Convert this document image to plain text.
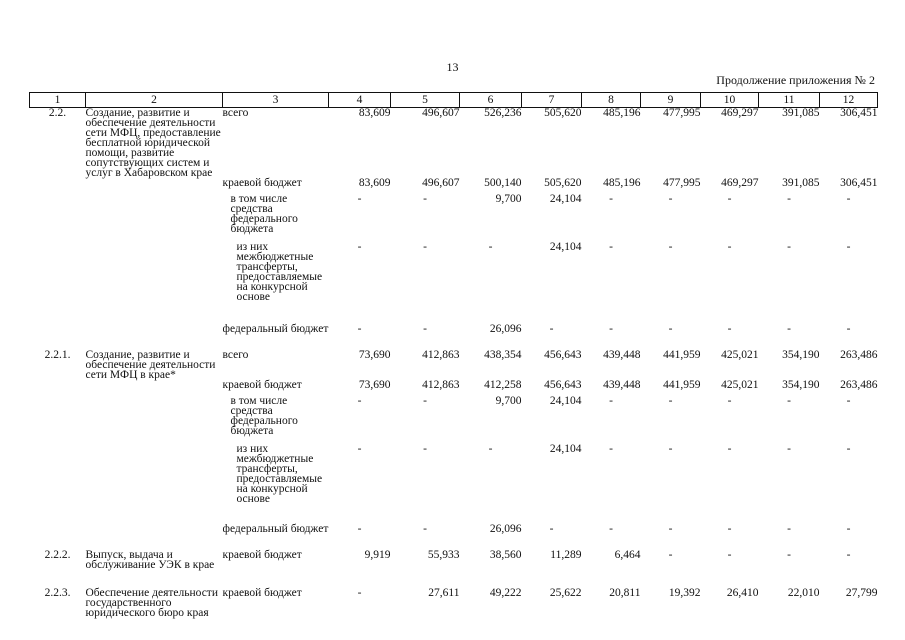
13
Продолжение приложения № 2
1	2	3	4	5	6	7	8	9	10	11	12
2.2.	Создание, развитие и обеспечение деятельности сети МФЦ, предоставление бесплатной юридической помощи, развитие сопутствующих систем и услуг в Хабаровском крае	всего	83,609	496,607	526,236	505,620	485,196	477,995	469,297	391,085	306,451
		краевой бюджет	83,609	496,607	500,140	505,620	485,196	477,995	469,297	391,085	306,451
		в том числе средства федерального бюджета	-	-	9,700	24,104	-	-	-	-	-
		из них межбюджетные трансферты, предоставляемые на конкурсной основе	-	-	-	24,104	-	-	-	-	-
		федеральный бюджет	-	-	26,096	-	-	-	-	-	-
2.2.1.	Создание, развитие и обеспечение деятельности сети МФЦ в крае*	всего	73,690	412,863	438,354	456,643	439,448	441,959	425,021	354,190	263,486
		краевой бюджет	73,690	412,863	412,258	456,643	439,448	441,959	425,021	354,190	263,486
		в том числе средства федерального бюджета	-	-	9,700	24,104	-	-	-	-	-
		из них межбюджетные трансферты, предоставляемые на конкурсной основе	-	-	-	24,104	-	-	-	-	-
		федеральный бюджет	-	-	26,096	-	-	-	-	-	-
2.2.2.	Выпуск, выдача и обслуживание УЭК в крае	краевой бюджет	9,919	55,933	38,560	11,289	6,464	-	-	-	-
2.2.3.	Обеспечение деятельности государственного юридического бюро края	краевой бюджет	-	27,611	49,222	25,622	20,811	19,392	26,410	22,010	27,799
